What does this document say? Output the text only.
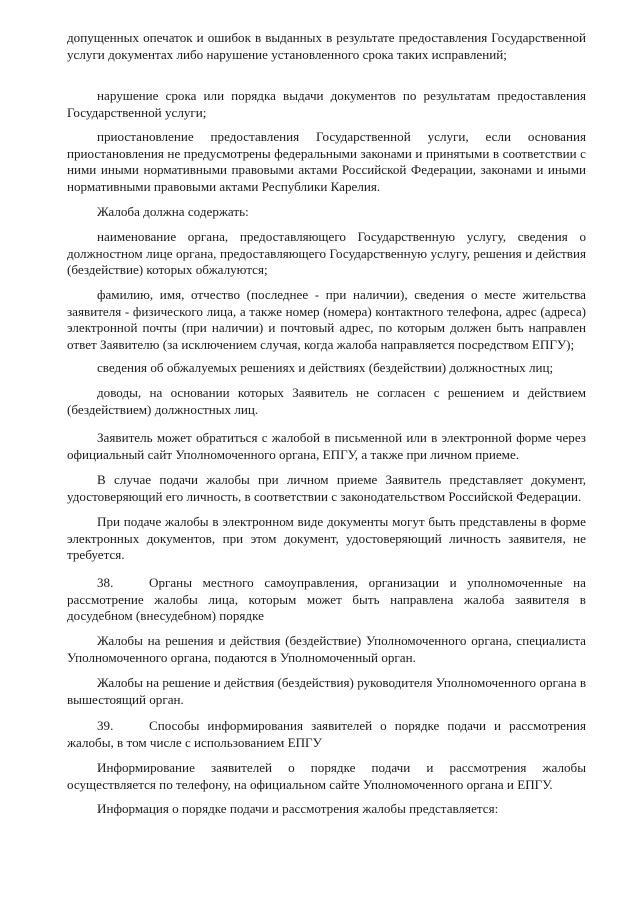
допущенных опечаток и ошибок в выданных в результате предоставления Государственной услуги документах либо нарушение установленного срока таких исправлений;

нарушение срока или порядка выдачи документов по результатам предоставления Государственной услуги;

приостановление предоставления Государственной услуги, если основания приостановления не предусмотрены федеральными законами и принятыми в соответствии с ними иными нормативными правовыми актами Российской Федерации, законами и иными нормативными правовыми актами Республики Карелия.

Жалоба должна содержать:

наименование органа, предоставляющего Государственную услугу, сведения о должностном лице органа, предоставляющего Государственную услугу, решения и действия (бездействие) которых обжалуются;

фамилию, имя, отчество (последнее - при наличии), сведения о месте жительства заявителя - физического лица, а также номер (номера) контактного телефона, адрес (адреса) электронной почты (при наличии) и почтовый адрес, по которым должен быть направлен ответ Заявителю (за исключением случая, когда жалоба направляется посредством ЕПГУ);

сведения об обжалуемых решениях и действиях (бездействии) должностных лиц;

доводы, на основании которых Заявитель не согласен с решением и действием (бездействием) должностных лиц.

Заявитель может обратиться с жалобой в письменной или в электронной форме через официальный сайт Уполномоченного органа, ЕПГУ, а также при личном приеме.

В случае подачи жалобы при личном приеме Заявитель представляет документ, удостоверяющий его личность, в соответствии с законодательством Российской Федерации.

При подаче жалобы в электронном виде документы могут быть представлены в форме электронных документов, при этом документ, удостоверяющий личность заявителя, не требуется.

38.	Органы местного самоуправления, организации и уполномоченные на рассмотрение жалобы лица, которым может быть направлена жалоба заявителя в досудебном (внесудебном) порядке

Жалобы на решения и действия (бездействие) Уполномоченного органа, специалиста Уполномоченного органа, подаются в Уполномоченный орган.

Жалобы на решение и действия (бездействия) руководителя Уполномоченного органа в вышестоящий орган.

39.	Способы информирования заявителей о порядке подачи и рассмотрения жалобы, в том числе с использованием ЕПГУ

Информирование заявителей о порядке подачи и рассмотрения жалобы осуществляется по телефону, на официальном сайте Уполномоченного органа и ЕПГУ.

Информация о порядке подачи и рассмотрения жалобы представляется:
